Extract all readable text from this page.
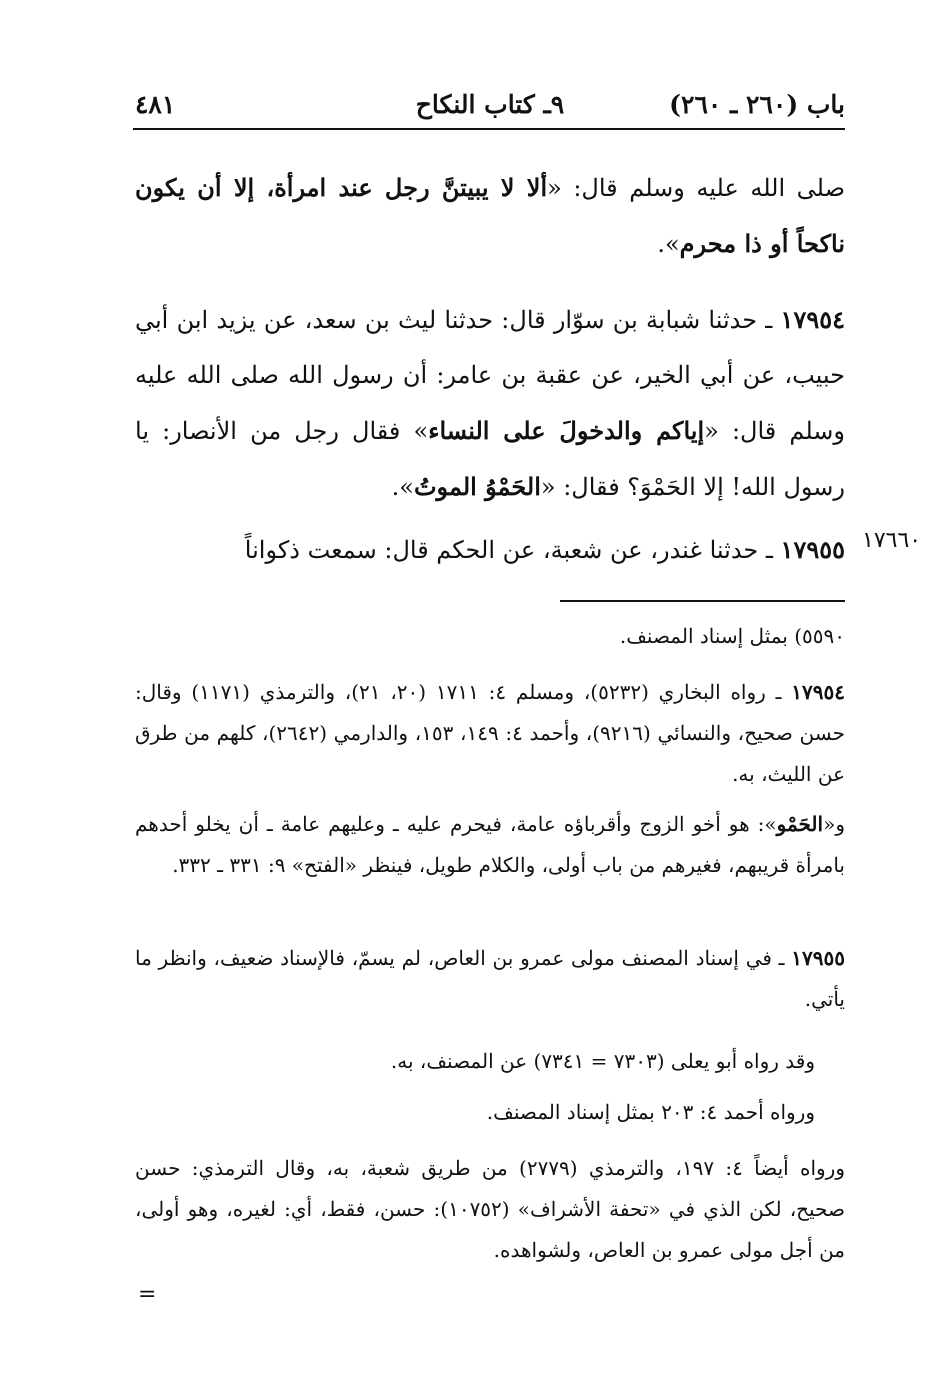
باب (٢٦٠ ـ ٢٦٠)
٩ـ كتاب النكاح
٤٨١
صلى الله عليه وسلم قال: «ألا لا يبيتنَّ رجل عند امرأة، إلا أن يكون ناكحاً أو ذا محرم».
١٧٩٥٤ ـ حدثنا شبابة بن سوّار قال: حدثنا ليث بن سعد، عن يزيد ابن أبي حبيب، عن أبي الخير، عن عقبة بن عامر: أن رسول الله صلى الله عليه وسلم قال: «إياكم والدخولَ على النساء» فقال رجل من الأنصار: يا رسول الله! إلا الحَمْوَ؟ فقال: «الحَمْوُ الموتُ».
١٧٩٥٥ ـ حدثنا غندر، عن شعبة، عن الحكم قال: سمعت ذكواناً	١٧٦٦٠
٥٥٩٠) بمثل إسناد المصنف.
١٧٩٥٤ ـ رواه البخاري (٥٢٣٢)، ومسلم ٤: ١٧١١ (٢٠، ٢١)، والترمذي (١١٧١) وقال: حسن صحيح، والنسائي (٩٢١٦)، وأحمد ٤: ١٤٩، ١٥٣، والدارمي (٢٦٤٢)، كلهم من طرق عن الليث، به.
و«الحَمْو»: هو أخو الزوج وأقرباؤه عامة، فيحرم عليه ـ وعليهم عامة ـ أن يخلو أحدهم بامرأة قريبهم، فغيرهم من باب أولى، والكلام طويل، فينظر «الفتح» ٩: ٣٣١ ـ ٣٣٢.
١٧٩٥٥ ـ في إسناد المصنف مولى عمرو بن العاص، لم يسمّ، فالإسناد ضعيف، وانظر ما يأتي.
وقد رواه أبو يعلى (٧٣٠٣ = ٧٣٤١) عن المصنف، به.
ورواه أحمد ٤: ٢٠٣ بمثل إسناد المصنف.
ورواه أيضاً ٤: ١٩٧، والترمذي (٢٧٧٩) من طريق شعبة، به، وقال الترمذي: حسن صحيح، لكن الذي في «تحفة الأشراف» (١٠٧٥٢): حسن، فقط، أي: لغيره، وهو أولى، من أجل مولى عمرو بن العاص، ولشواهده.
=
